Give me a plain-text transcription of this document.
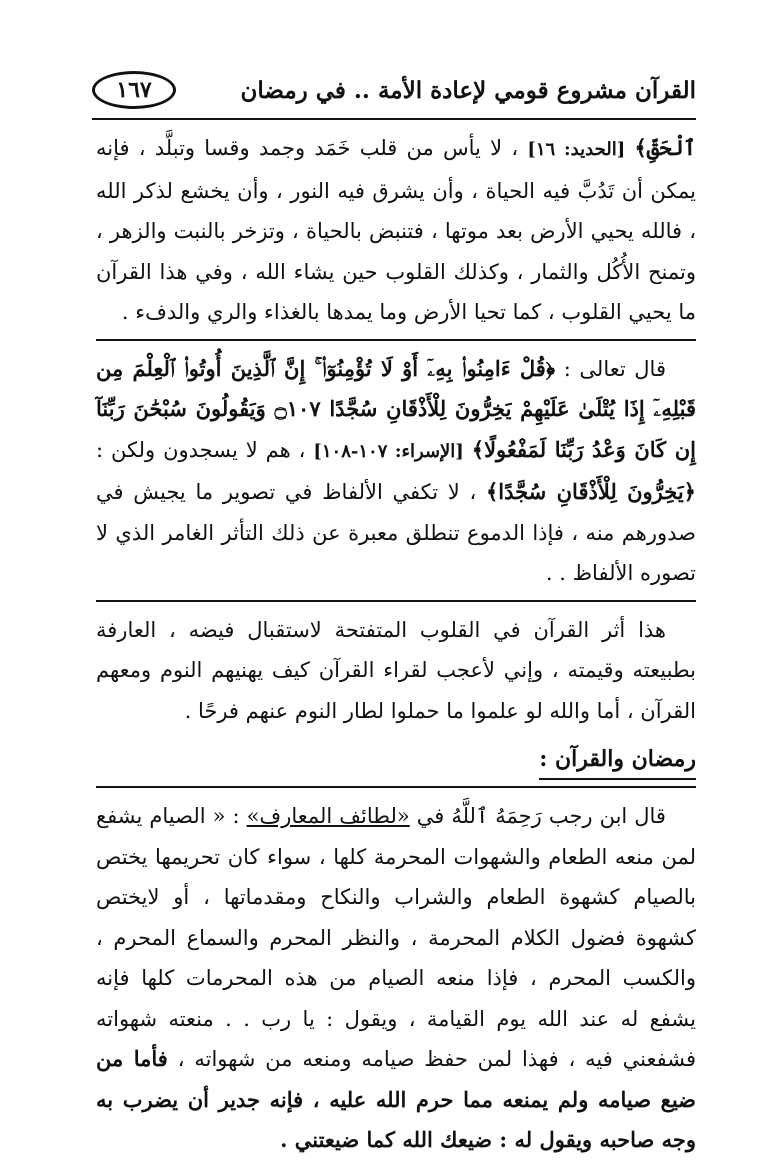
القرآن مشروع قومي لإعادة الأمة .. في رمضان
١٦٧

ٱلْحَقِّ﴾ [الحديد: ١٦] ، لا يأس من قلب خَمَد وجمد وقسا وتبلَّد ، فإنه يمكن أن تَدُبَّ فيه الحياة ، وأن يشرق فيه النور ، وأن يخشع لذكر الله ، فالله يحيي الأرض بعد موتها ، فتنبض بالحياة ، وتزخر بالنبت والزهر ، وتمنح الأُكُل والثمار ، وكذلك القلوب حين يشاء الله ، وفي هذا القرآن ما يحيي القلوب ، كما تحيا الأرض وما يمدها بالغذاء والري والدفء .

قال تعالى : ﴿قُلْ ءَامِنُوا۟ بِهِۦٓ أَوْ لَا تُؤْمِنُوٓا۟ ۚ إِنَّ ٱلَّذِينَ أُوتُوا۟ ٱلْعِلْمَ مِن قَبْلِهِۦٓ إِذَا يُتْلَىٰ عَلَيْهِمْ يَخِرُّونَ لِلْأَذْقَانِ سُجَّدًا ۝١٠٧ وَيَقُولُونَ سُبْحَٰنَ رَبِّنَآ إِن كَانَ وَعْدُ رَبِّنَا لَمَفْعُولًا﴾ [الإسراء: ١٠٧-١٠٨] ، هم لا يسجدون ولكن : ﴿يَخِرُّونَ لِلْأَذْقَانِ سُجَّدًا﴾ ، لا تكفي الألفاظ في تصوير ما يجيش في صدورهم منه ، فإذا الدموع تنطلق معبرة عن ذلك التأثر الغامر الذي لا تصوره الألفاظ . .

هذا أثر القرآن في القلوب المتفتحة لاستقبال فيضه ، العارفة بطبيعته وقيمته ، وإني لأعجب لقراء القرآن كيف يهنيهم النوم ومعهم القرآن ، أما والله لو علموا ما حملوا لطار النوم عنهم فرحًا .

رمضان والقرآن :

قال ابن رجب رَحِمَهُ ٱللَّهُ في «لطائف المعارف» : « الصيام يشفع لمن منعه الطعام والشهوات المحرمة كلها ، سواء كان تحريمها يختص بالصيام كشهوة الطعام والشراب والنكاح ومقدماتها ، أو لايختص كشهوة فضول الكلام المحرمة ، والنظر المحرم والسماع المحرم ، والكسب المحرم ، فإذا منعه الصيام من هذه المحرمات كلها فإنه يشفع له عند الله يوم القيامة ، ويقول : يا رب . . منعته شهواته فشفعني فيه ، فهذا لمن حفظ صيامه ومنعه من شهواته ، فأما من ضيع صيامه ولم يمنعه مما حرم الله عليه ، فإنه جدير أن يضرب به وجه صاحبه ويقول له : ضيعك الله كما ضيعتني .
